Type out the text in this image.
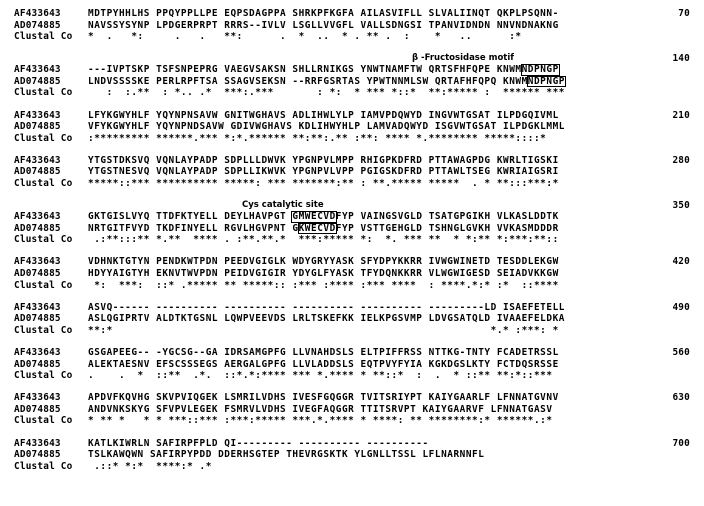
AF433643	MDTPYHHLHS PPQYPPLLPE EQPSDAGPPA SHRKPFKGFA AILASVIFLL SLVALIINQT QKPLPSQNN-
AD074885	NAVSSYSYNP LPDGERPRPT RRRS--IVLV LSGLLVVGFL VALLSDNGSI TPANVIDNDN NNVNDNAKNG
Clustal Co	*  .   *:     .   .   **:      .  *  ..  * . ** .  :    *   ..      :*
70
β -Fructosidase motif
AF433643	---IVPTSKP TSFSNPEPRG VAEGVSAKSN SHLLRNIKGS YNWTNAMFTW QRTSFHFQPE KNWMNDPNGP
AD074885	LNDVSSSSKE PERLRPFTSA SSAGVSEKSN --RRFGSRTAS YPWTNNMLSW QRTAFHFQPQ KNWMNDPNGP
Clustal Co	:  :.**  : *.. .*  ***:.***       : *:  * *** *::*  **:***** :  ****** ***
140
AF433643	LFYKGWYHLF YQYNPNSAVW GNITWGHAVS ADLIHWLYLP IAMVPDQWYD INGVWTGSAT ILPDGQIVML
AD074885	VFYKGWYHLF YQYNPNDSAVW GDIVWGHAVS KDLIHWYHLP LAMVADQWYD ISGVWTGSAT ILPDGKLMML
Clustal Co	:********* ******.*** *:*.****** **:**:.** :**: **** *.******** *****::::*
210
AF433643	YTGSTDKSVQ VQNLAYPADP SDPLLLDWVK YPGNPVLMPP RHIGPKDFRD PTTAWAGPDG KWRLTIGSKI
AD074885	YTGSTNESVQ VQNLAYPADP SDPLLIKWVK YPGNPVLVPP PGIGSKDFRD PTTAWLTSEG KWRIAIGSRI
Clustal Co	*****::*** ********** *****: *** *******:** : **.***** *****  . * **:::***:*
280
Cys catalytic site
AF433643	GKTGISLVYQ TTDFKTYELL DEYLHAVPGT GMWECVDFYP VAINGSVGLD TSATGPGIKH VLKASLDDTK
AD074885	NRTGITFVYD TKDFINYELL RGVLHGVPNT GKWECVDFYP VSTTGEHGLD TSHNGLGVKH VVKASMDDDR
Clustal Co	.:**:::** *.**  **** . :**.**.*  ***:***** *:  *. *** **  * *:** *:***:**::
350
AF433643	VDHNKTGTYN PENDKWTPDN PEEDVGIGLK WDYGRYYASK SFYDPYKKRR IVWGWINETD TESDDLEKGW
AD074885	HDYYAIGTYH EKNVTWVPDN PEIDVGIGIR YDYGLFYASK TFYDQNKKRR VLWGWIGESD SEIADVKKGW
Clustal Co	*:  ***:  ::* .***** ** *****:: :*** :**** :*** ****  : ****.*:* :*  ::****
420
AF433643	ASVQ------ ---------- ---------- ---------- ---------- ---------LD ISAEFETELL
AD074885	ASLQGIPRTV ALDTKTGSNL LQWPVEEVDS LRLTSKEFKK IELKPGSVMP LDVGSATQLD IVAAEFELDKA
Clustal Co	**:*                                                             *.* :***: *
490
AF433643	GSGAPEEG-- -YGCSG--GA IDRSAMGPFG LLVNAHDSLS ELTPIFFRSS NTTKG-TNTY FCADETRSSL
AD074885	ALEKTAESNV EFSCSSSEGS AERGALGPFG LLVLADDSLS EQTPVYFYIA KGKDGSLKTY FCTDQSRSSE
Clustal Co	.    .  *  ::**  .*.  ::*.*:**** *** *.**** * **::*  :  .  * ::** **:*::***
560
AF433643	APDVFKQVHG SKVPVIQGEK LSMRILVDHS IVESFGQGGR TVITSRIYPT KAIYGAARLF LFNNATGVNV
AD074885	ANDVNKSKYG SFVPVLEGEK FSMRVLVDHS IVEGFAQGGR TTITSRVPT KAIYGAARVF LFNNATGASV
Clustal Co	* ** *   * * ***::*** :***:***** ***.*.**** * ****: ** ********:* ******.:*
630
AF433643	KATLKIWRLN SAFIRPFPLD QI--------- ---------- ----------
AD074885	TSLKAWQWN SAFIRPYPDD DDERHSGTEP THEVRGSKTK YLGNLLTSSL LFLNARNNFL
Clustal Co	.::* *:*  ****:* .*
700
